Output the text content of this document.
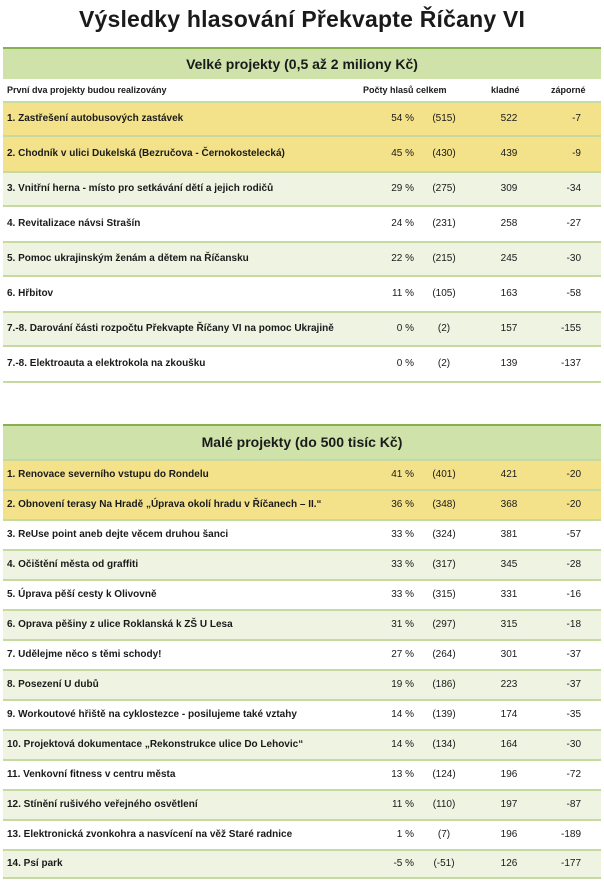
Výsledky hlasování Překvapte Říčany VI
Velké projekty (0,5 až 2 miliony Kč)
První dva projekty budou realizovány	Počty hlasů celkem	kladné	záporné
1. Zastřešení autobusových zastávek	54 %	(515)	522	-7
2. Chodník v ulici Dukelská (Bezručova - Černokostelecká)	45 %	(430)	439	-9
3. Vnitřní herna - místo pro setkávání dětí a jejich rodičů	29 %	(275)	309	-34
4. Revitalizace návsi Strašín	24 %	(231)	258	-27
5. Pomoc ukrajinským ženám a dětem na Říčansku	22 %	(215)	245	-30
6. Hřbitov	11 %	(105)	163	-58
7.-8. Darování části rozpočtu Překvapte Říčany VI na pomoc Ukrajině	0 %	(2)	157	-155
7.-8. Elektroauta a elektrokola na zkoušku	0 %	(2)	139	-137
Malé projekty (do 500 tisíc Kč)
1. Renovace severního vstupu do Rondelu	41 %	(401)	421	-20
2. Obnovení terasy Na Hradě „Úprava okolí hradu v Říčanech – II.“	36 %	(348)	368	-20
3. ReUse point aneb dejte věcem druhou šanci	33 %	(324)	381	-57
4. Očištění města od graffiti	33 %	(317)	345	-28
5. Úprava pěší cesty k Olivovně	33 %	(315)	331	-16
6. Oprava pěšiny z ulice Roklanská k ZŠ U Lesa	31 %	(297)	315	-18
7. Udělejme něco s těmi schody!	27 %	(264)	301	-37
8. Posezení U dubů	19 %	(186)	223	-37
9. Workoutové hřiště na cyklostezce - posilujeme také vztahy	14 %	(139)	174	-35
10. Projektová dokumentace „Rekonstrukce ulice Do Lehovic“	14 %	(134)	164	-30
11. Venkovní fitness v centru města	13 %	(124)	196	-72
12. Stínění rušivého veřejného osvětlení	11 %	(110)	197	-87
13. Elektronická zvonkohra a nasvícení na věž Staré radnice	1 %	(7)	196	-189
14. Psí park	-5 %	(-51)	126	-177
